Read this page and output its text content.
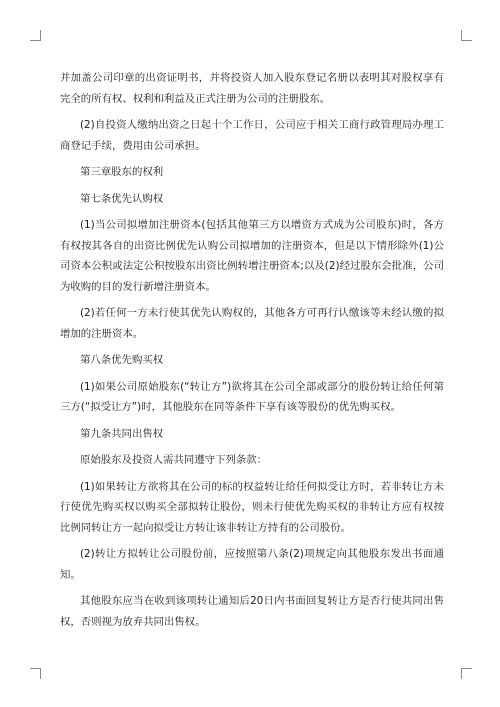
并加盖公司印章的出资证明书，并将投资人加入股东登记名册以表明其对股权享有完全的所有权、权利和利益及正式注册为公司的注册股东。

(2)自投资人缴纳出资之日起十个工作日，公司应于相关工商行政管理局办理工商登记手续，费用由公司承担。

第三章股东的权利

第七条优先认购权

(1)当公司拟增加注册资本(包括其他第三方以增资方式成为公司股东)时，各方有权按其各自的出资比例优先认购公司拟增加的注册资本，但是以下情形除外(1)公司资本公积或法定公积按股东出资比例转增注册资本;以及(2)经过股东会批准，公司为收购的目的发行新增注册资本。

(2)若任何一方未行使其优先认购权的，其他各方可再行认缴该等未经认缴的拟增加的注册资本。

第八条优先购买权

(1)如果公司原始股东(“转让方”)欲将其在公司全部或部分的股份转让给任何第三方(“拟受让方”)时，其他股东在同等条件下享有该等股份的优先购买权。

第九条共同出售权

原始股东及投资人需共同遵守下列条款：

(1)如果转让方欲将其在公司的标的权益转让给任何拟受让方时，若非转让方未行使优先购买权以购买全部拟转让股份，则未行使优先购买权的非转让方应有权按比例同转让方一起向拟受让方转让该非转让方持有的公司股份。

(2)转让方拟转让公司股份前，应按照第八条(2)项规定向其他股东发出书面通知。

其他股东应当在收到该项转让通知后20日内书面回复转让方是否行使共同出售权，否则视为放弃共同出售权。
